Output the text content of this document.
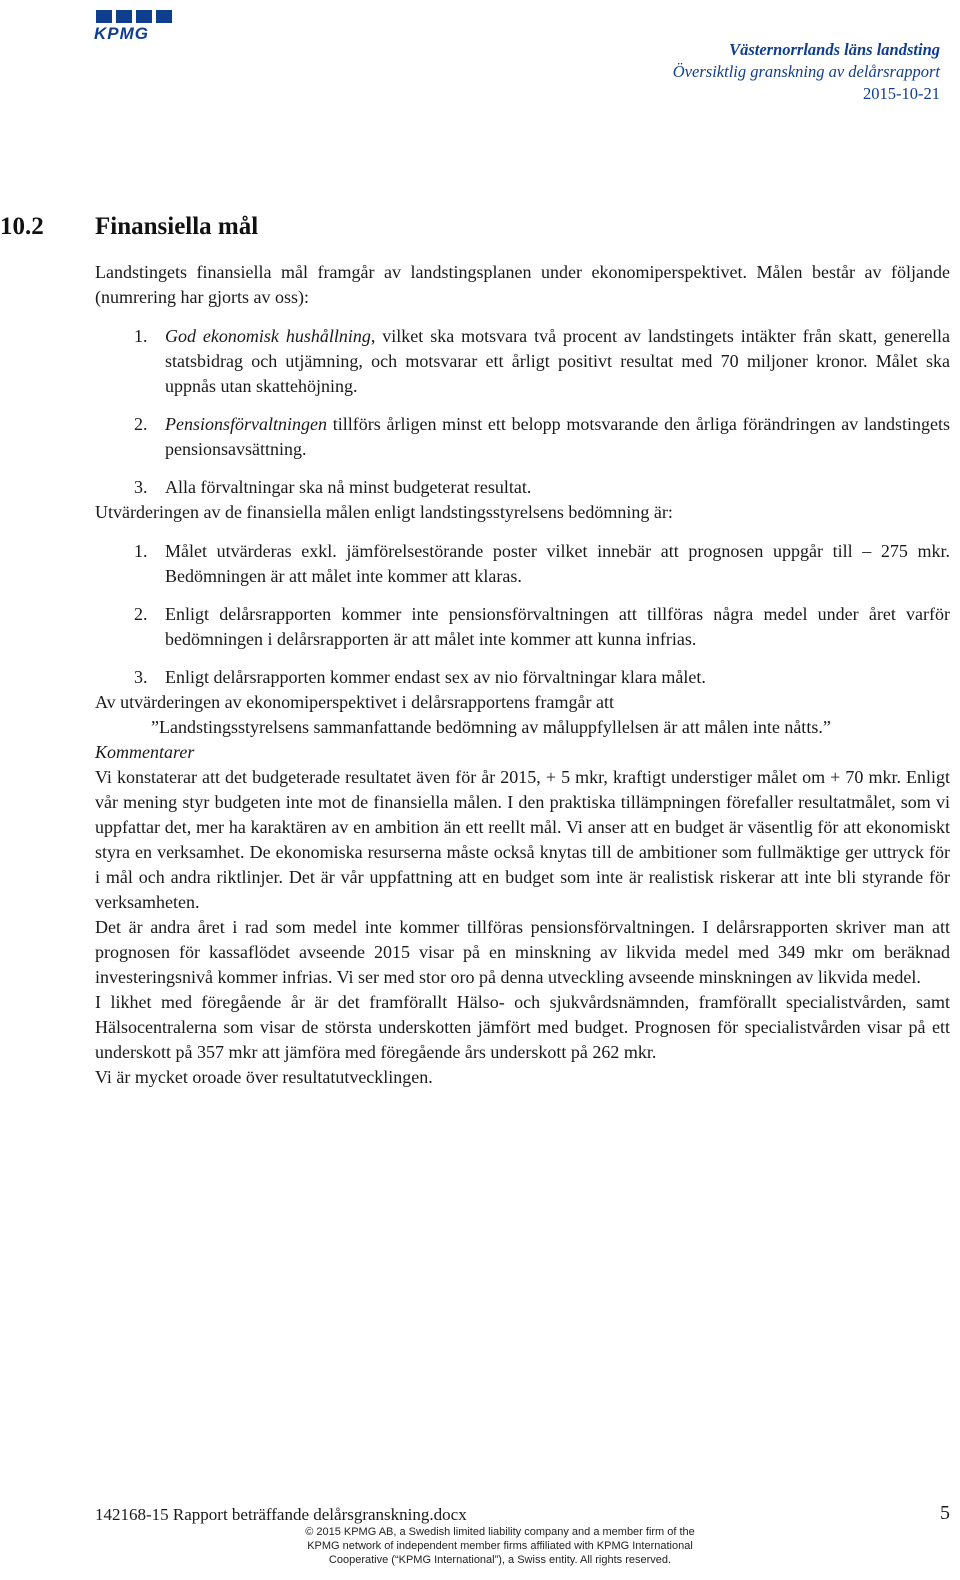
KPMG
Västernorrlands läns landsting
Översiktlig granskning av delårsrapport
2015-10-21
10.2 Finansiella mål

Landstingets finansiella mål framgår av landstingsplanen under ekonomiperspektivet. Målen består av följande (numrering har gjorts av oss):

1. God ekonomisk hushållning, vilket ska motsvara två procent av landstingets intäkter från skatt, generella statsbidrag och utjämning, och motsvarar ett årligt positivt resultat med 70 miljoner kronor. Målet ska uppnås utan skattehöjning.
2. Pensionsförvaltningen tillförs årligen minst ett belopp motsvarande den årliga förändringen av landstingets pensionsavsättning.
3. Alla förvaltningar ska nå minst budgeterat resultat.

Utvärderingen av de finansiella målen enligt landstingsstyrelsens bedömning är:

1. Målet utvärderas exkl. jämförelsestörande poster vilket innebär att prognosen uppgår till – 275 mkr. Bedömningen är att målet inte kommer att klaras.
2. Enligt delårsrapporten kommer inte pensionsförvaltningen att tillföras några medel under året varför bedömningen i delårsrapporten är att målet inte kommer att kunna infrias.
3. Enligt delårsrapporten kommer endast sex av nio förvaltningar klara målet.

Av utvärderingen av ekonomiperspektivet i delårsrapportens framgår att

”Landstingsstyrelsens sammanfattande bedömning av måluppfyllelsen är att målen inte nåtts.”

Kommentarer

Vi konstaterar att det budgeterade resultatet även för år 2015, + 5 mkr, kraftigt understiger målet om + 70 mkr. Enligt vår mening styr budgeten inte mot de finansiella målen. I den praktiska tillämpningen förefaller resultatmålet, som vi uppfattar det, mer ha karaktären av en ambition än ett reellt mål. Vi anser att en budget är väsentlig för att ekonomiskt styra en verksamhet. De ekonomiska resurserna måste också knytas till de ambitioner som fullmäktige ger uttryck för i mål och andra riktlinjer. Det är vår uppfattning att en budget som inte är realistisk riskerar att inte bli styrande för verksamheten.

Det är andra året i rad som medel inte kommer tillföras pensionsförvaltningen. I delårsrapporten skriver man att prognosen för kassaflödet avseende 2015 visar på en minskning av likvida medel med 349 mkr om beräknad investeringsnivå kommer infrias. Vi ser med stor oro på denna utveckling avseende minskningen av likvida medel.

I likhet med föregående år är det framförallt Hälso- och sjukvårdsnämnden, framförallt specialistvården, samt Hälsocentralerna som visar de största underskotten jämfört med budget. Prognosen för specialistvården visar på ett underskott på 357 mkr att jämföra med föregående års underskott på 262 mkr.

Vi är mycket oroade över resultatutvecklingen.

142168-15 Rapport beträffande delårsgranskning.docx	5
© 2015 KPMG AB, a Swedish limited liability company and a member firm of the
KPMG network of independent member firms affiliated with KPMG International
Cooperative (“KPMG International”), a Swiss entity. All rights reserved.
